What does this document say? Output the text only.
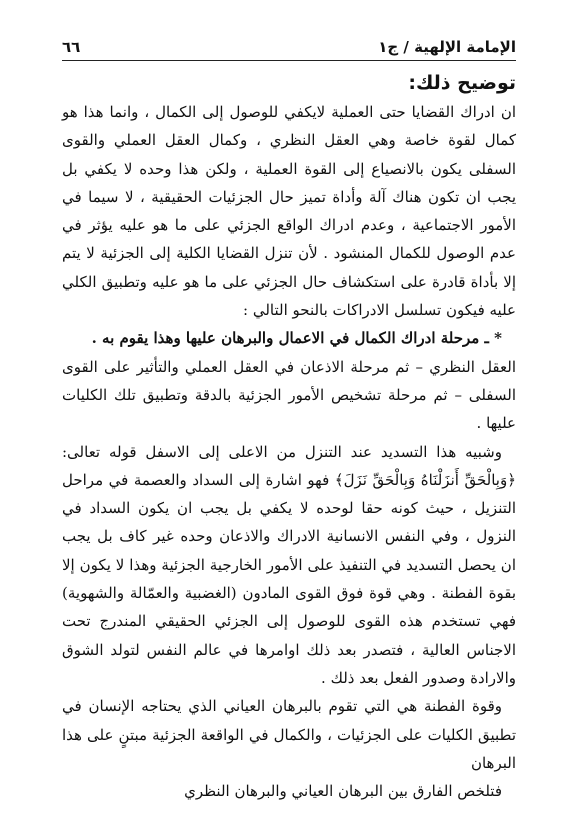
الإمامة الإلهية / ج١
٦٦
توضيح ذلك:

ان ادراك القضايا حتى العملية لايكفي للوصول إلى الكمال ، وانما هذا هو كمال لقوة خاصة وهي العقل النظري ، وكمال العقل العملي والقوى السفلى يكون بالانصياع إلى القوة العملية ، ولكن هذا وحده لا يكفي بل يجب ان تكون هناك آلة وأداة تميز حال الجزئيات الحقيقية ، لا سيما في الأمور الاجتماعية ، وعدم ادراك الواقع الجزئي على ما هو عليه يؤثر في عدم الوصول للكمال المنشود . لأن تنزل القضايا الكلية إلى الجزئية لا يتم إلا بأداة قادرة على استكشاف حال الجزئي على ما هو عليه وتطبيق الكلي عليه فيكون تسلسل الادراكات بالنحو التالي :

* ـ مرحلة ادراك الكمال في الاعمال والبرهان عليها وهذا يقوم به .

العقل النظري – ثم مرحلة الاذعان في العقل العملي والتأثير على القوى السفلى – ثم مرحلة تشخيص الأمور الجزئية بالدقة وتطبيق تلك الكليات عليها .

وشبيه هذا التسديد عند التنزل من الاعلى إلى الاسفل قوله تعالى: ﴿وَبِالْحَقِّ أَنزَلْنَاهُ وَبِالْحَقِّ نَزَلَ﴾ فهو اشارة إلى السداد والعصمة في مراحل التنزيل ، حيث كونه حقا لوحده لا يكفي بل يجب ان يكون السداد في النزول ، وفي النفس الانسانية الادراك والاذعان وحده غير كاف بل يجب ان يحصل التسديد في التنفيذ على الأمور الخارجية الجزئية وهذا لا يكون إلا بقوة الفطنة . وهي قوة فوق القوى المادون (الغضبية والعمّالة والشهوية) فهي تستخدم هذه القوى للوصول إلى الجزئي الحقيقي المندرج تحت الاجناس العالية ، فتصدر بعد ذلك اوامرها في عالم النفس لتولد الشوق والارادة وصدور الفعل بعد ذلك .

وقوة الفطنة هي التي تقوم بالبرهان العياني الذي يحتاجه الإنسان في تطبيق الكليات على الجزئيات ، والكمال في الواقعة الجزئية مبتنٍ على هذا البرهان

فتلخص الفارق بين البرهان العياني والبرهان النظري
